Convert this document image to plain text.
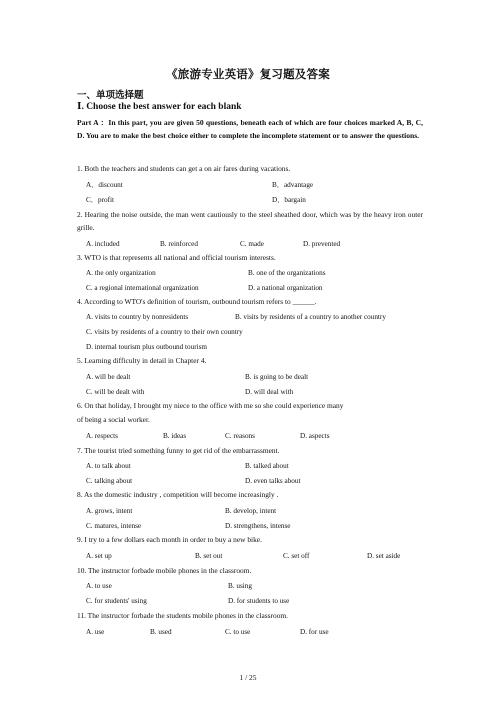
《旅游专业英语》复习题及答案
一、单项选择题
Ⅰ. Choose the best answer for each blank
Part A ：In this part, you are given 50 questions, beneath each of which are four choices marked A, B, C, D. You are to make the best choice either to complete the incomplete statement or to answer the questions.
1. Both the teachers and students can get a on air fares during vacations.
A．discount	B．advantage
C．profit	D．bargain
2. Hearing the noise outside, the man went cautiously to the steel sheathed door, which was by the heavy iron outer grille.
A. included	B. reinforced	C. made	D. prevented
3. WTO is that represents all national and official tourism interests.
A. the only organization	B. one of the organizations
C. a regional international organization	D. a national organization
4. According to WTO's definition of tourism, outbound tourism refers to ______.
A. visits to country by nonresidents	B. visits by residents of a country to another country
C. visits by residents of a country to their own country
D. internal tourism plus outbound tourism
5. Learning difficulty in detail in Chapter 4.
A. will be dealt	B. is going to be dealt
C. will be dealt with	D. will deal with
6. On that holiday, I brought my niece to the office with me so she could experience many
of being a social worker.
A. respects	B. ideas	C. reasons	D. aspects
7. The tourist tried something funny to get rid of the embarrassment.
A. to talk about	B. talked about
C. talking about	D. even talks about
8. As the domestic industry , competition will become increasingly .
A. grows, intent	B. develop, intent
C. matures, intense	D. strengthens, intense
9. I try to a few dollars each month in order to buy a new bike.
A. set up	B. set out	C. set off	D. set aside
10. The instructor forbade mobile phones in the classroom.
A. to use	B. using
C. for students' using	D. for students to use
11. The instructor forbade the students mobile phones in the classroom.
A. use	B. used	C. to use	D. for use
1 / 25
